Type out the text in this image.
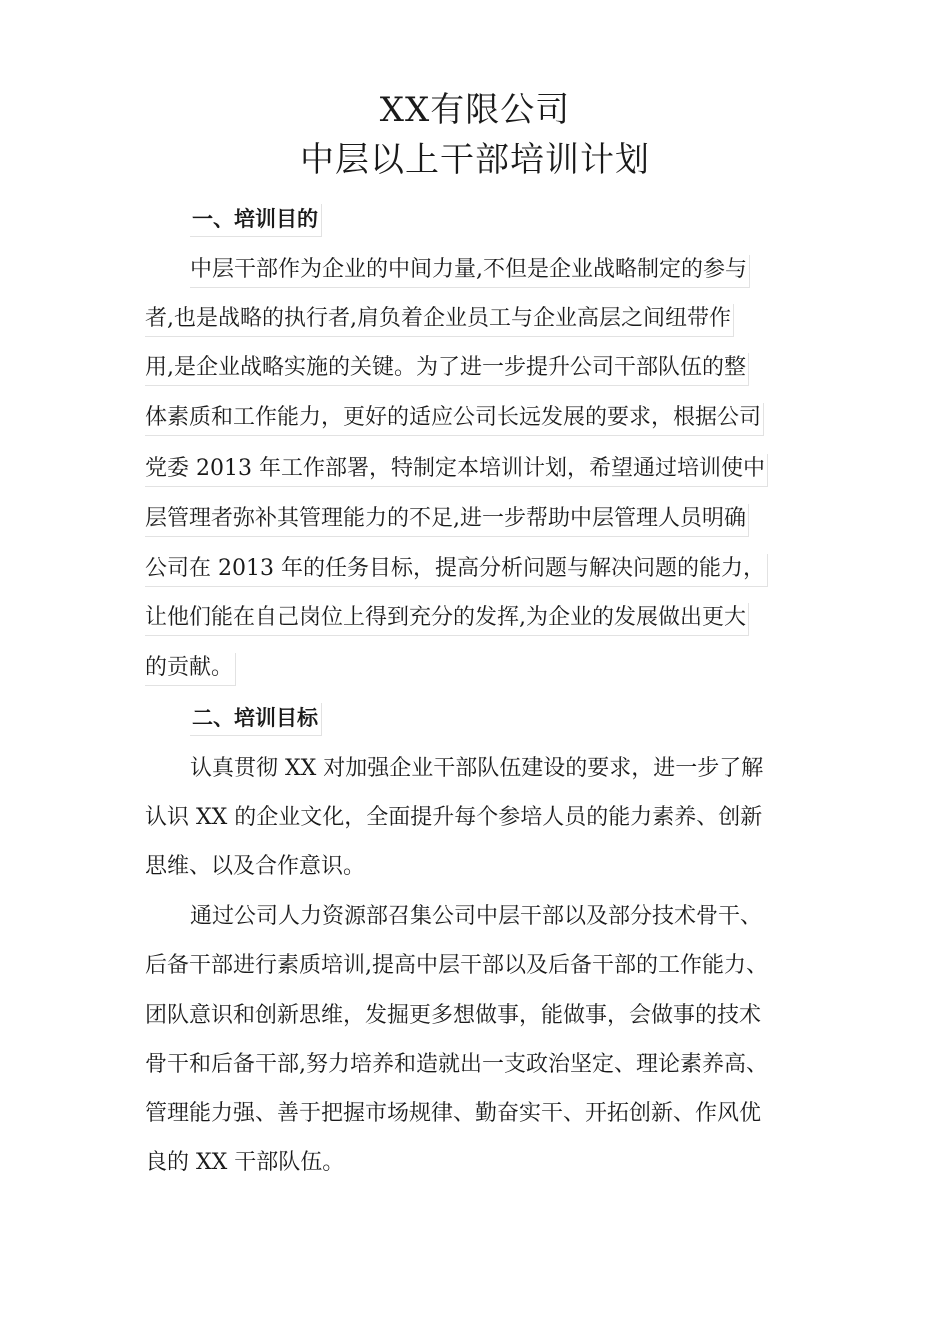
XX有限公司
中层以上干部培训计划
一、培训目的
中层干部作为企业的中间力量,不但是企业战略制定的参与
者,也是战略的执行者,肩负着企业员工与企业高层之间纽带作
用,是企业战略实施的关键。为了进一步提升公司干部队伍的整
体素质和工作能力，更好的适应公司长远发展的要求，根据公司
党委 2013 年工作部署，特制定本培训计划，希望通过培训使中
层管理者弥补其管理能力的不足,进一步帮助中层管理人员明确
公司在 2013 年的任务目标，提高分析问题与解决问题的能力，
让他们能在自己岗位上得到充分的发挥,为企业的发展做出更大
的贡献。
二、培训目标
认真贯彻 XX 对加强企业干部队伍建设的要求，进一步了解
认识 XX 的企业文化，全面提升每个参培人员的能力素养、创新
思维、以及合作意识。
通过公司人力资源部召集公司中层干部以及部分技术骨干、
后备干部进行素质培训,提高中层干部以及后备干部的工作能力、
团队意识和创新思维，发掘更多想做事，能做事，会做事的技术
骨干和后备干部,努力培养和造就出一支政治坚定、理论素养高、
管理能力强、善于把握市场规律、勤奋实干、开拓创新、作风优
良的 XX 干部队伍。
